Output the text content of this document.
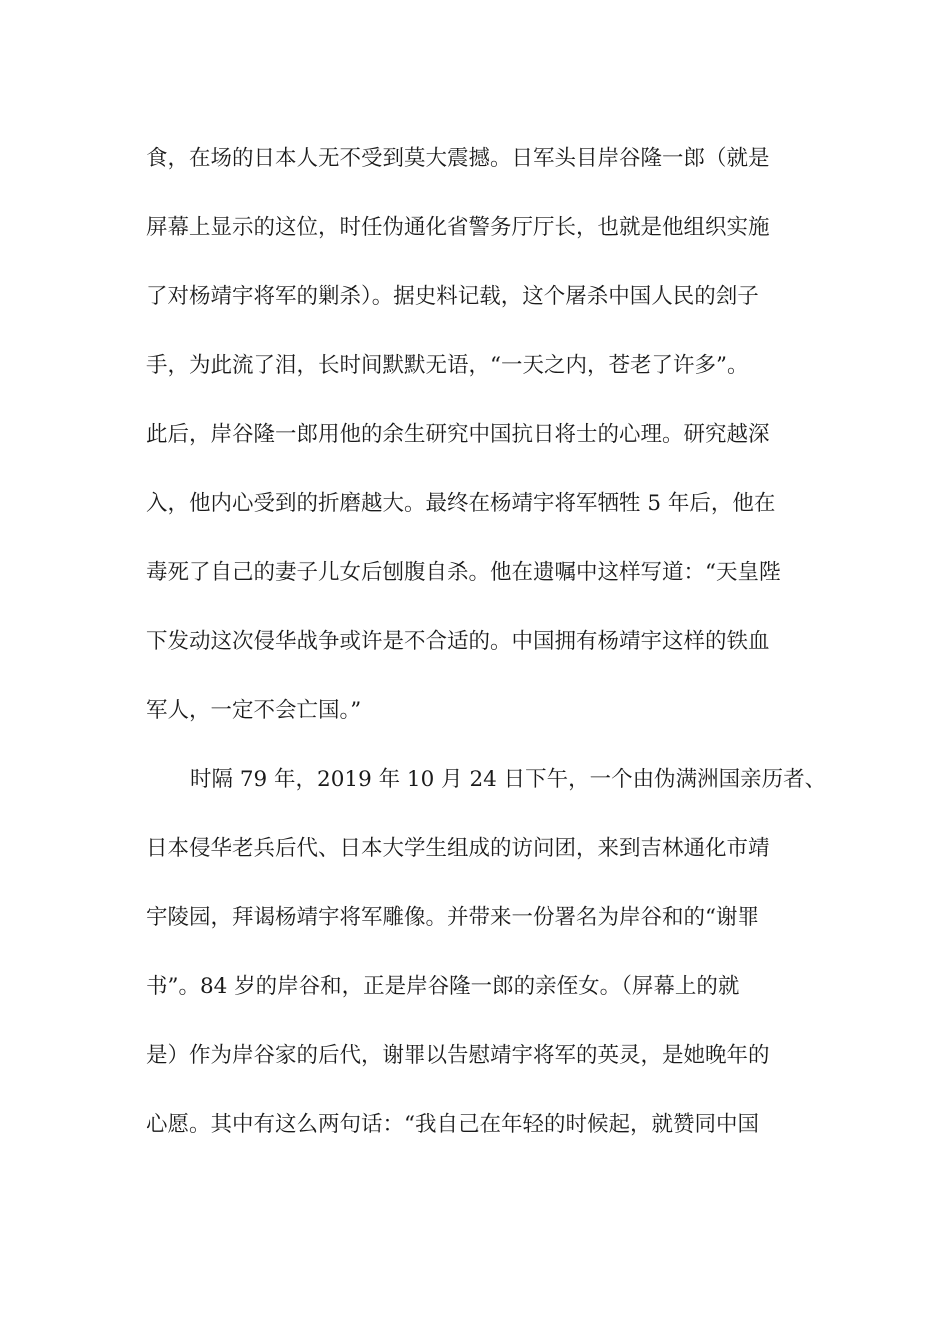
食，在场的日本人无不受到莫大震撼。日军头目岸谷隆一郎（就是
屏幕上显示的这位，时任伪通化省警务厅厅长，也就是他组织实施
了对杨靖宇将军的剿杀）。据史料记载，这个屠杀中国人民的刽子
手，为此流了泪，长时间默默无语，“一天之内，苍老了许多”。
此后，岸谷隆一郎用他的余生研究中国抗日将士的心理。研究越深
入，他内心受到的折磨越大。最终在杨靖宇将军牺牲 5 年后，他在
毒死了自己的妻子儿女后刨腹自杀。他在遗嘱中这样写道：“天皇陛
下发动这次侵华战争或许是不合适的。中国拥有杨靖宇这样的铁血
军人，一定不会亡国。”
时隔 79 年，2019 年 10 月 24 日下午，一个由伪满洲国亲历者、
日本侵华老兵后代、日本大学生组成的访问团，来到吉林通化市靖
宇陵园，拜谒杨靖宇将军雕像。并带来一份署名为岸谷和的“谢罪
书”。84 岁的岸谷和，正是岸谷隆一郎的亲侄女。（屏幕上的就
是）作为岸谷家的后代，谢罪以告慰靖宇将军的英灵，是她晚年的
心愿。其中有这么两句话：“我自己在年轻的时候起，就赞同中国
